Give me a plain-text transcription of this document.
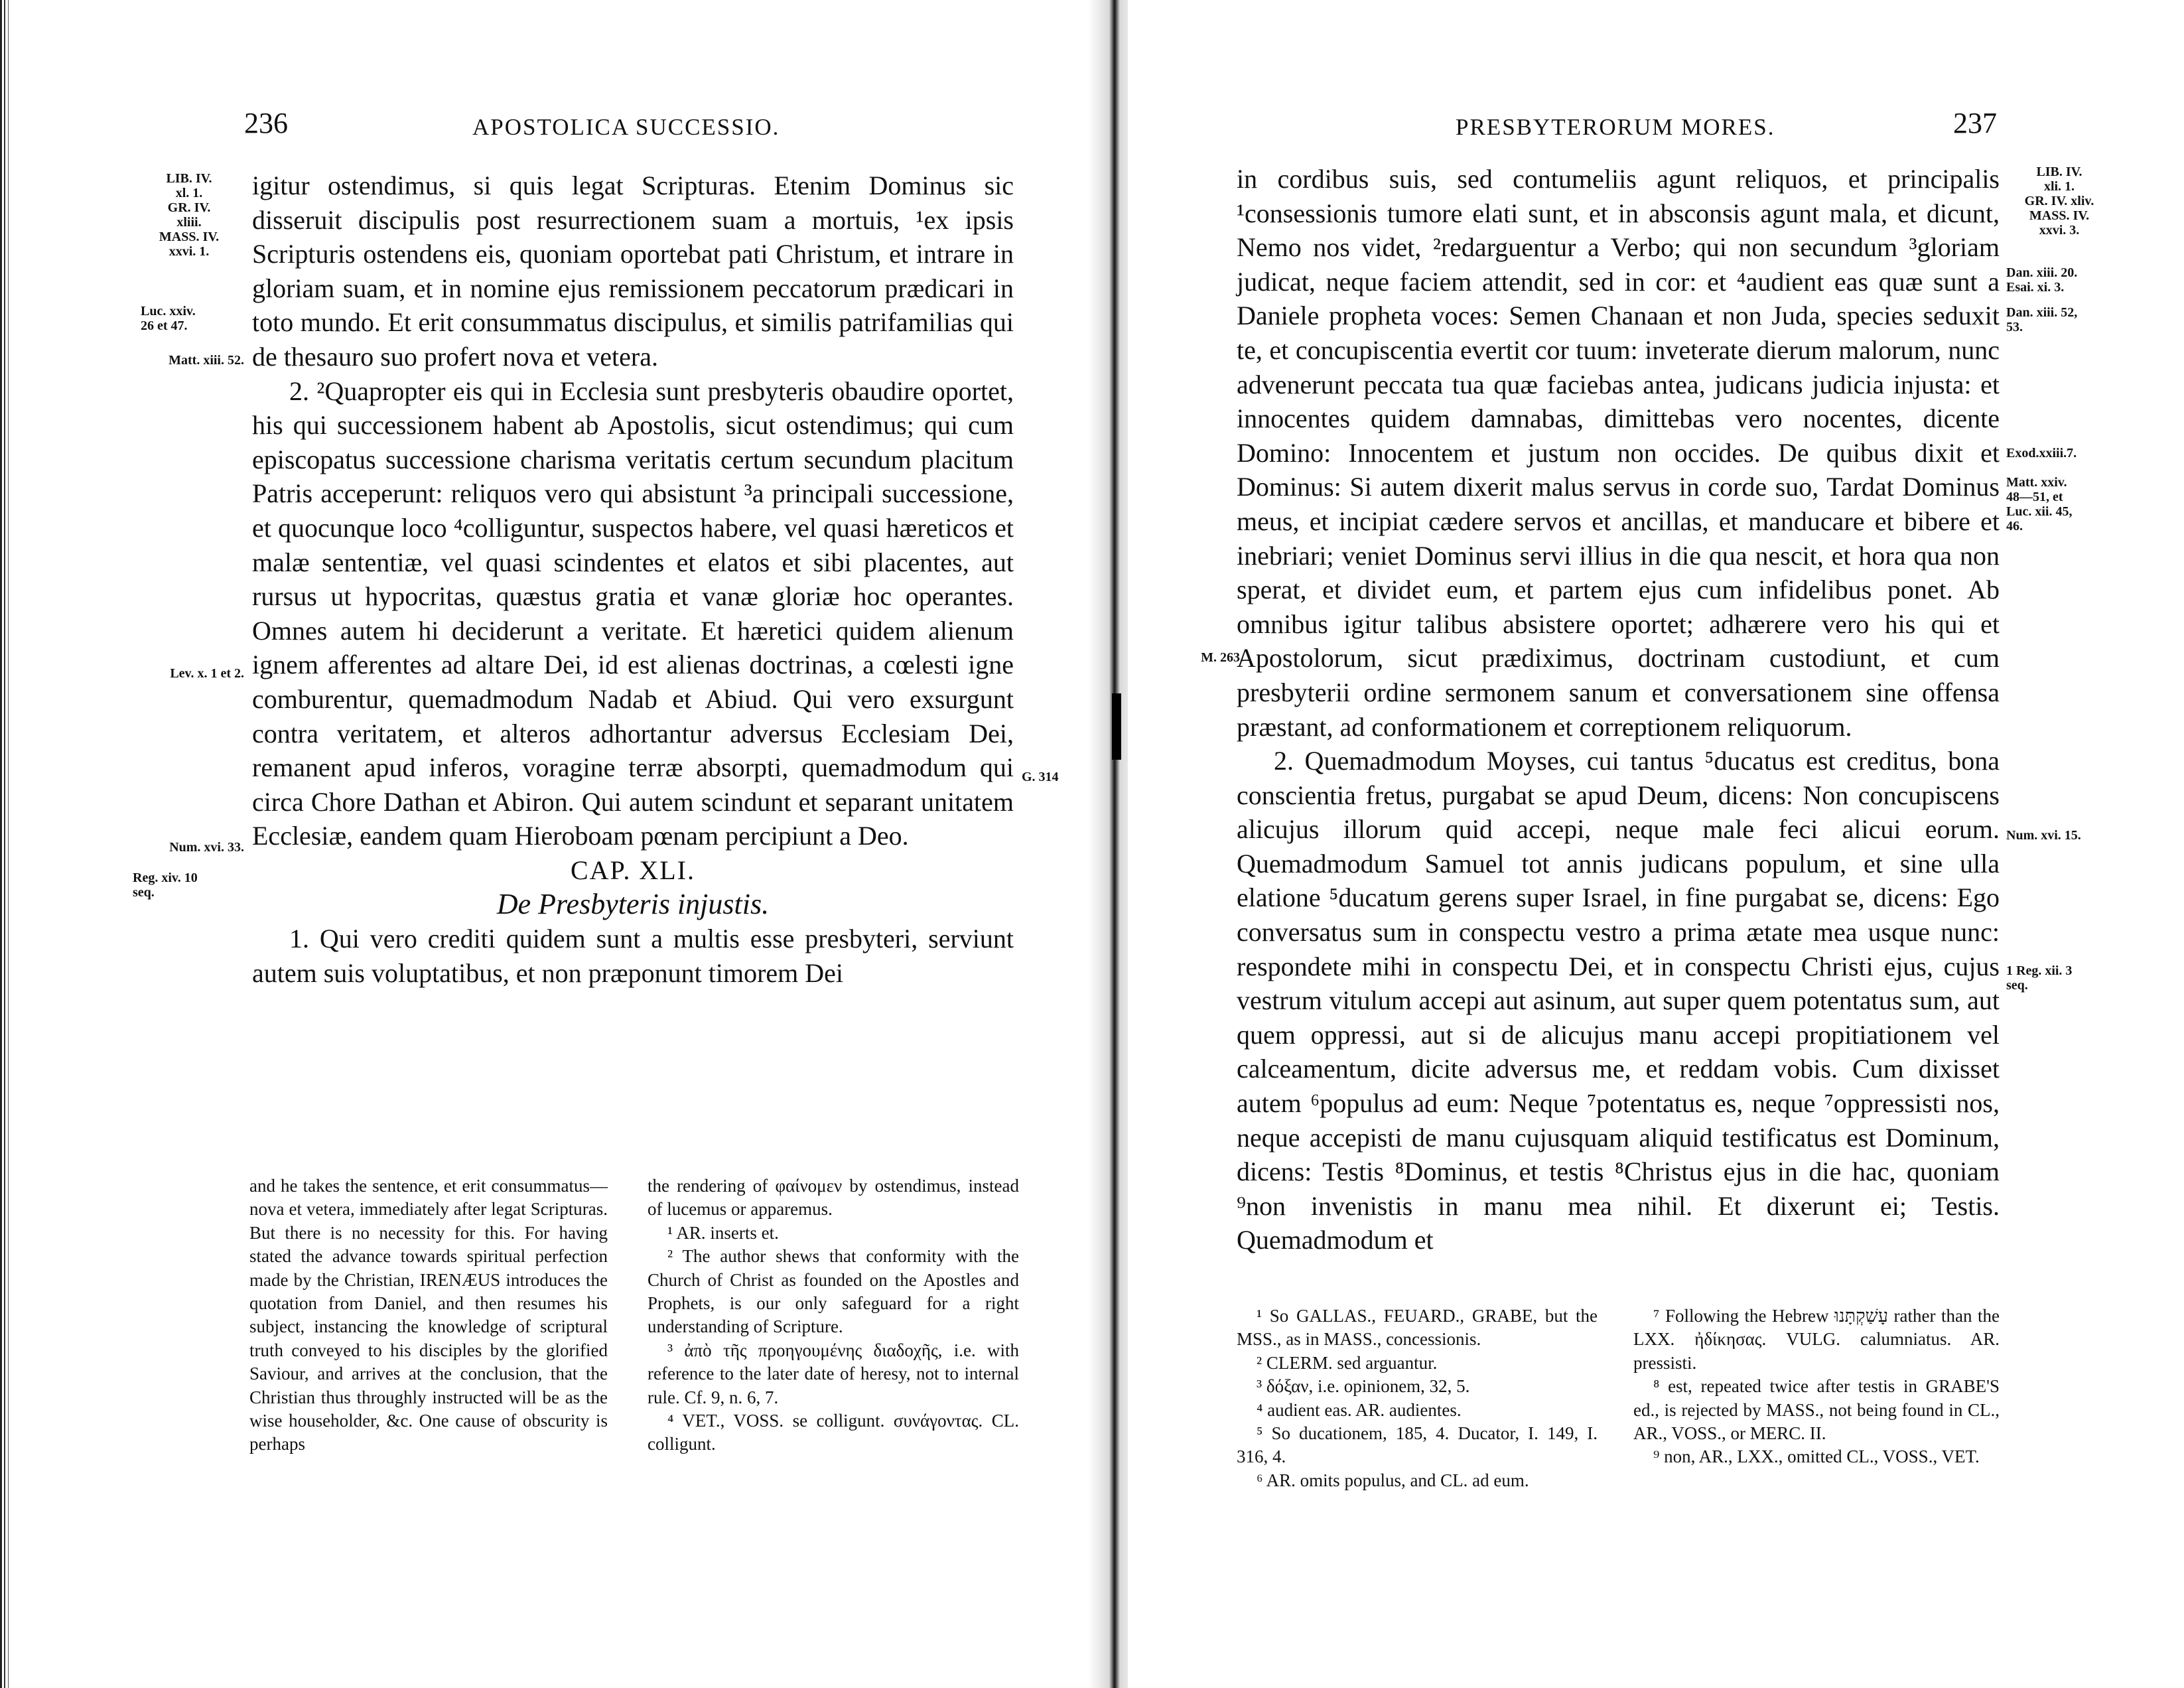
236	APOSTOLICA SUCCESSIO.
LIB. IV.
xl. 1.
GR. IV.
xliii.
MASS. IV.
xxvi. 1.
Luc. xxiv.
26 et 47.
Matt. xiii. 52.
Lev. x. 1 et 2.
Num. xvi. 33.
Reg. xiv. 10
seq.
G. 314

igitur ostendimus, si quis legat Scripturas. Etenim Dominus sic disseruit discipulis post resurrectionem suam a mortuis, ¹ex ipsis Scripturis ostendens eis, quoniam oportebat pati Christum, et intrare in gloriam suam, et in nomine ejus remissionem peccatorum prædicari in toto mundo. Et erit consummatus discipulus, et similis patrifamilias qui de thesauro suo profert nova et vetera.

2. ²Quapropter eis qui in Ecclesia sunt presbyteris obaudire oportet, his qui successionem habent ab Apostolis, sicut ostendimus; qui cum episcopatus successione charisma veritatis certum secundum placitum Patris acceperunt: reliquos vero qui absistunt ³a principali successione, et quocunque loco ⁴colliguntur, suspectos habere, vel quasi hæreticos et malæ sententiæ, vel quasi scindentes et elatos et sibi placentes, aut rursus ut hypocritas, quæstus gratia et vanæ gloriæ hoc operantes. Omnes autem hi deciderunt a veritate. Et hæretici quidem alienum ignem afferentes ad altare Dei, id est alienas doctrinas, a cœlesti igne comburentur, quemadmodum Nadab et Abiud. Qui vero exsurgunt contra veritatem, et alteros adhortantur adversus Ecclesiam Dei, remanent apud inferos, voragine terræ absorpti, quemadmodum qui circa Chore Dathan et Abiron. Qui autem scindunt et separant unitatem Ecclesiæ, eandem quam Hieroboam pœnam percipiunt a Deo.

CAP. XLI.

De Presbyteris injustis.

1. Qui vero crediti quidem sunt a multis esse presbyteri, serviunt autem suis voluptatibus, et non præponunt timorem Dei

and he takes the sentence, et erit consummatus—nova et vetera, immediately after legat Scripturas. But there is no necessity for this. For having stated the advance towards spiritual perfection made by the Christian, IRENÆUS introduces the quotation from Daniel, and then resumes his subject, instancing the knowledge of scriptural truth conveyed to his disciples by the glorified Saviour, and arrives at the conclusion, that the Christian thus throughly instructed will be as the wise householder, &c. One cause of obscurity is perhaps

the rendering of φαίνομεν by ostendimus, instead of lucemus or apparemus.

¹ AR. inserts et.

² The author shews that conformity with the Church of Christ as founded on the Apostles and Prophets, is our only safeguard for a right understanding of Scripture.

³ ἀπὸ τῆς προηγουμένης διαδοχῆς, i.e. with reference to the later date of heresy, not to internal rule. Cf. 9, n. 6, 7.

⁴ VET., VOSS. se colligunt. συνάγοντας. CL. colligunt.

PRESBYTERORUM MORES.	237
M. 263.
LIB. IV.
xli. 1.
GR. IV. xliv.
MASS. IV.
xxvi. 3.
Dan. xiii. 20.
Esai. xi. 3.
Dan. xiii. 52,
53.
Exod.xxiii.7.
Matt. xxiv.
48—51, et
Luc. xii. 45,
46.
Num. xvi. 15.
1 Reg. xii. 3
seq.

in cordibus suis, sed contumeliis agunt reliquos, et principalis ¹consessionis tumore elati sunt, et in absconsis agunt mala, et dicunt, Nemo nos videt, ²redarguentur a Verbo; qui non secundum ³gloriam judicat, neque faciem attendit, sed in cor: et ⁴audient eas quæ sunt a Daniele propheta voces: Semen Chanaan et non Juda, species seduxit te, et concupiscentia evertit cor tuum: inveterate dierum malorum, nunc advenerunt peccata tua quæ faciebas antea, judicans judicia injusta: et innocentes quidem damnabas, dimittebas vero nocentes, dicente Domino: Innocentem et justum non occides. De quibus dixit et Dominus: Si autem dixerit malus servus in corde suo, Tardat Dominus meus, et incipiat cædere servos et ancillas, et manducare et bibere et inebriari; veniet Dominus servi illius in die qua nescit, et hora qua non sperat, et dividet eum, et partem ejus cum infidelibus ponet. Ab omnibus igitur talibus absistere oportet; adhærere vero his qui et Apostolorum, sicut prædiximus, doctrinam custodiunt, et cum presbyterii ordine sermonem sanum et conversationem sine offensa præstant, ad conformationem et correptionem reliquorum.

2. Quemadmodum Moyses, cui tantus ⁵ducatus est creditus, bona conscientia fretus, purgabat se apud Deum, dicens: Non concupiscens alicujus illorum quid accepi, neque male feci alicui eorum. Quemadmodum Samuel tot annis judicans populum, et sine ulla elatione ⁵ducatum gerens super Israel, in fine purgabat se, dicens: Ego conversatus sum in conspectu vestro a prima ætate mea usque nunc: respondete mihi in conspectu Dei, et in conspectu Christi ejus, cujus vestrum vitulum accepi aut asinum, aut super quem potentatus sum, aut quem oppressi, aut si de alicujus manu accepi propitiationem vel calceamentum, dicite adversus me, et reddam vobis. Cum dixisset autem ⁶populus ad eum: Neque ⁷potentatus es, neque ⁷oppressisti nos, neque accepisti de manu cujusquam aliquid testificatus est Dominum, dicens: Testis ⁸Dominus, et testis ⁸Christus ejus in die hac, quoniam ⁹non invenistis in manu mea nihil. Et dixerunt ei; Testis. Quemadmodum et

¹ So GALLAS., FEUARD., GRABE, but the MSS., as in MASS., concessionis.

² CLERM. sed arguantur.

³ δόξαν, i.e. opinionem, 32, 5.

⁴ audient eas. AR. audientes.

⁵ So ducationem, 185, 4. Ducator, I. 149, I. 316, 4.

⁶ AR. omits populus, and CL. ad eum.

⁷ Following the Hebrew עָשַׁקְתָּנוּ rather than the LXX. ἠδίκησας. VULG. calumniatus. AR. pressisti.

⁸ est, repeated twice after testis in GRABE'S ed., is rejected by MASS., not being found in CL., AR., VOSS., or MERC. II.

⁹ non, AR., LXX., omitted CL., VOSS., VET.
